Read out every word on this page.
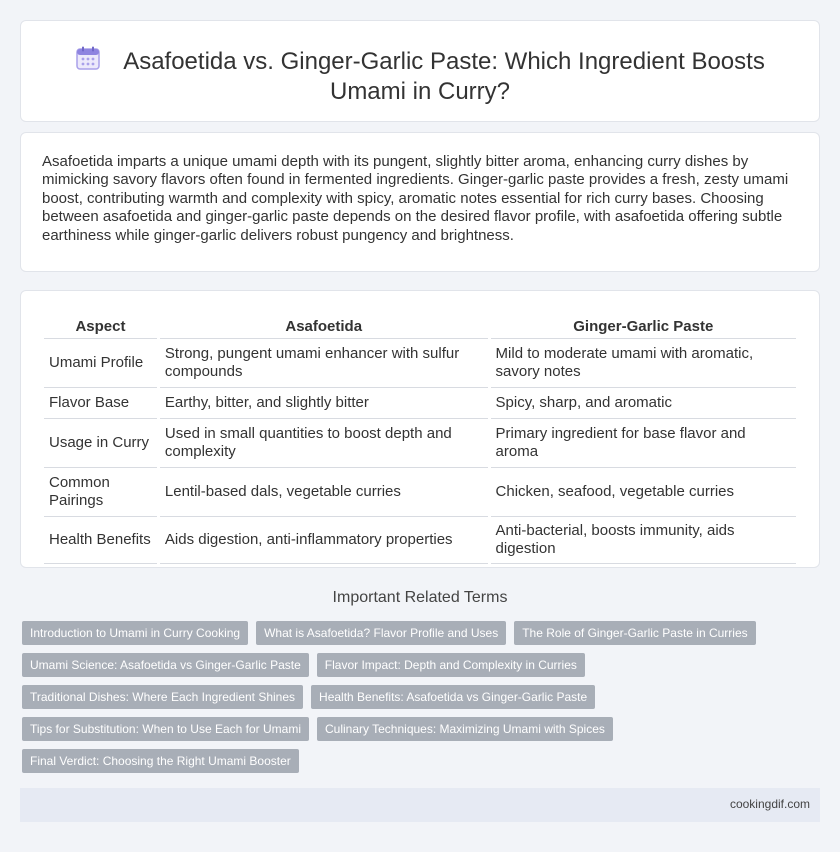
Asafoetida vs. Ginger-Garlic Paste: Which Ingredient Boosts Umami in Curry?

Asafoetida imparts a unique umami depth with its pungent, slightly bitter aroma, enhancing curry dishes by mimicking savory flavors often found in fermented ingredients. Ginger-garlic paste provides a fresh, zesty umami boost, contributing warmth and complexity with spicy, aromatic notes essential for rich curry bases. Choosing between asafoetida and ginger-garlic paste depends on the desired flavor profile, with asafoetida offering subtle earthiness while ginger-garlic delivers robust pungency and brightness.

Aspect	Asafoetida	Ginger-Garlic Paste
Umami Profile	Strong, pungent umami enhancer with sulfur compounds	Mild to moderate umami with aromatic, savory notes
Flavor Base	Earthy, bitter, and slightly bitter	Spicy, sharp, and aromatic
Usage in Curry	Used in small quantities to boost depth and complexity	Primary ingredient for base flavor and aroma
Common Pairings	Lentil-based dals, vegetable curries	Chicken, seafood, vegetable curries
Health Benefits	Aids digestion, anti-inflammatory properties	Anti-bacterial, boosts immunity, aids digestion
Important Related Terms
Introduction to Umami in Curry Cooking	What is Asafoetida? Flavor Profile and Uses	The Role of Ginger-Garlic Paste in Curries
Umami Science: Asafoetida vs Ginger-Garlic Paste	Flavor Impact: Depth and Complexity in Curries
Traditional Dishes: Where Each Ingredient Shines	Health Benefits: Asafoetida vs Ginger-Garlic Paste
Tips for Substitution: When to Use Each for Umami	Culinary Techniques: Maximizing Umami with Spices
Final Verdict: Choosing the Right Umami Booster
cookingdif.com
